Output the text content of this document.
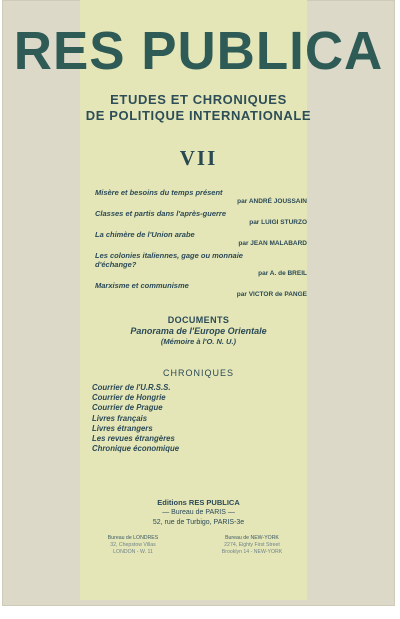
RES PUBLICA
ETUDES ET CHRONIQUES
DE POLITIQUE INTERNATIONALE
VII
Misère et besoins du temps présent
par ANDRÉ JOUSSAIN
Classes et partis dans l'après-guerre
par LUIGI STURZO
La chimère de l'Union arabe
par JEAN MALABARD
Les colonies italiennes, gage ou monnaie
d'échange?
par A. de BREIL
Marxisme et communisme
par VICTOR de PANGE
DOCUMENTS
Panorama de l'Europe Orientale
(Mémoire à l'O. N. U.)
CHRONIQUES
Courrier de l'U.R.S.S.
Courrier de Hongrie
Courrier de Prague
Livres français
Livres étrangers
Les revues étrangères
Chronique économique
Editions RES PUBLICA
— Bureau de PARIS —
52, rue de Turbigo, PARIS-3e
Bureau de LONDRES
32, Chepstow Villas
LONDON - W. 11
Bureau de NEW-YORK
2274, Eighty First Street
Brooklyn 14 - NEW-YORK
